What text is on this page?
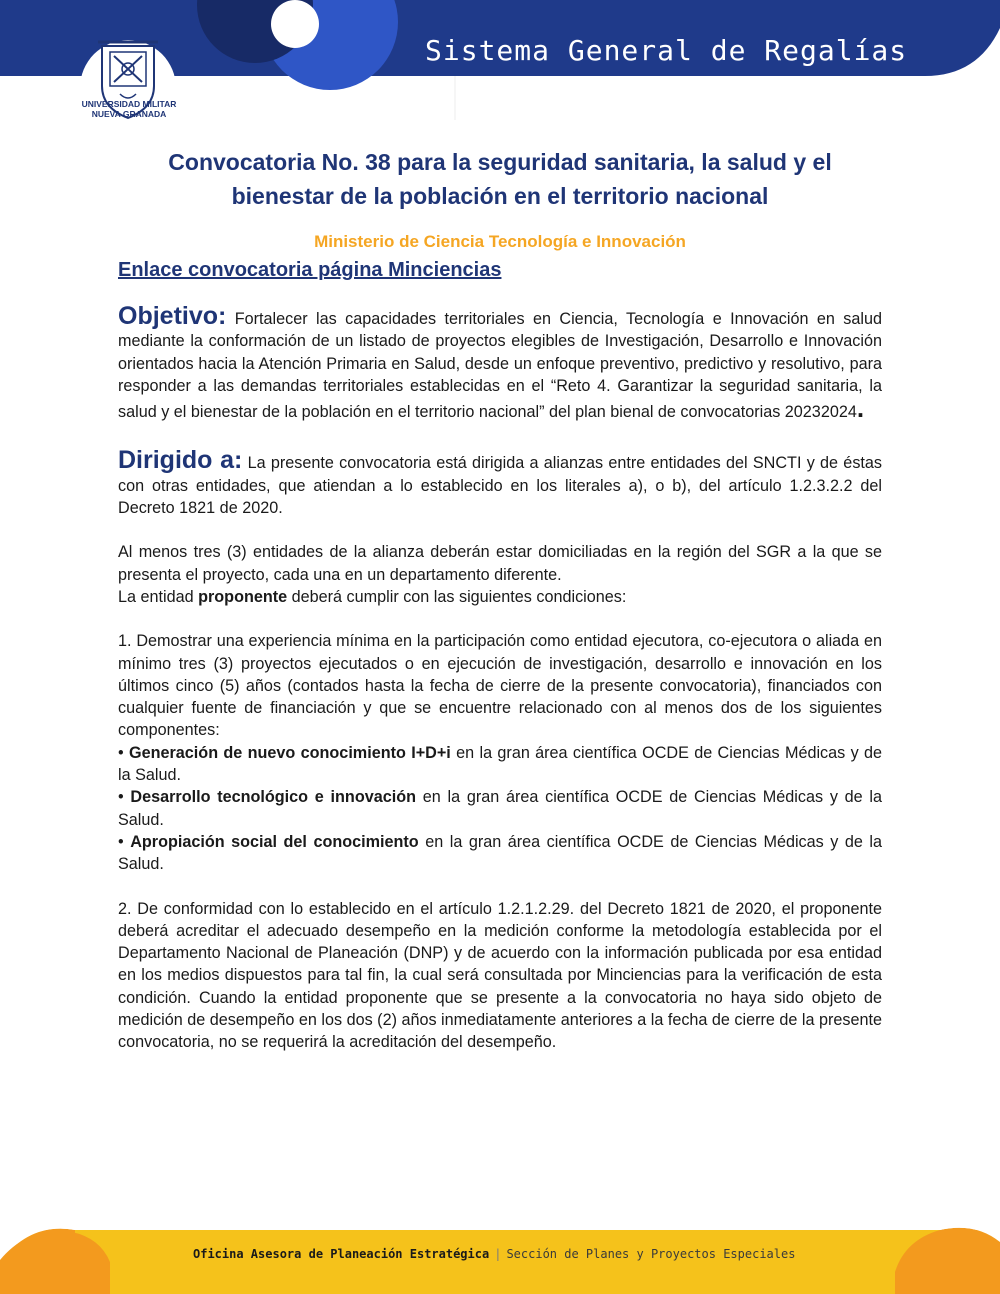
Sistema General de Regalías
UNIVERSIDAD MILITAR
NUEVA GRANADA
Convocatoria No. 38 para la seguridad sanitaria, la salud y el
bienestar de la población en el territorio nacional
Ministerio de Ciencia Tecnología e Innovación
Enlace convocatoria página Minciencias

Objetivo: Fortalecer las capacidades territoriales en Ciencia, Tecnología e Innovación en salud mediante la conformación de un listado de proyectos elegibles de Investigación, Desarrollo e Innovación orientados hacia la Atención Primaria en Salud, desde un enfoque preventivo, predictivo y resolutivo, para responder a las demandas territoriales establecidas en el “Reto 4. Garantizar la seguridad sanitaria, la salud y el bienestar de la población en el territorio nacional” del plan bienal de convocatorias 20232024.

Dirigido a: La presente convocatoria está dirigida a alianzas entre entidades del SNCTI y de éstas con otras entidades, que atiendan a lo establecido en los literales a), o b), del artículo 1.2.3.2.2 del Decreto 1821 de 2020.

Al menos tres (3) entidades de la alianza deberán estar domiciliadas en la región del SGR a la que se presenta el proyecto, cada una en un departamento diferente.

La entidad proponente deberá cumplir con las siguientes condiciones:

1. Demostrar una experiencia mínima en la participación como entidad ejecutora, co-ejecutora o aliada en mínimo tres (3) proyectos ejecutados o en ejecución de investigación, desarrollo e innovación en los últimos cinco (5) años (contados hasta la fecha de cierre de la presente convocatoria), financiados con cualquier fuente de financiación y que se encuentre relacionado con al menos dos de los siguientes componentes:

• Generación de nuevo conocimiento I+D+i en la gran área científica OCDE de Ciencias Médicas y de la Salud.

• Desarrollo tecnológico e innovación en la gran área científica OCDE de Ciencias Médicas y de la Salud.

• Apropiación social del conocimiento en la gran área científica OCDE de Ciencias Médicas y de la Salud.

2. De conformidad con lo establecido en el artículo 1.2.1.2.29. del Decreto 1821 de 2020, el proponente deberá acreditar el adecuado desempeño en la medición conforme la metodología establecida por el Departamento Nacional de Planeación (DNP) y de acuerdo con la información publicada por esa entidad en los medios dispuestos para tal fin, la cual será consultada por Minciencias para la verificación de esta condición. Cuando la entidad proponente que se presente a la convocatoria no haya sido objeto de medición de desempeño en los dos (2) años inmediatamente anteriores a la fecha de cierre de la presente convocatoria, no se requerirá la acreditación del desempeño.

Oficina Asesora de Planeación Estratégica | Sección de Planes y Proyectos Especiales
